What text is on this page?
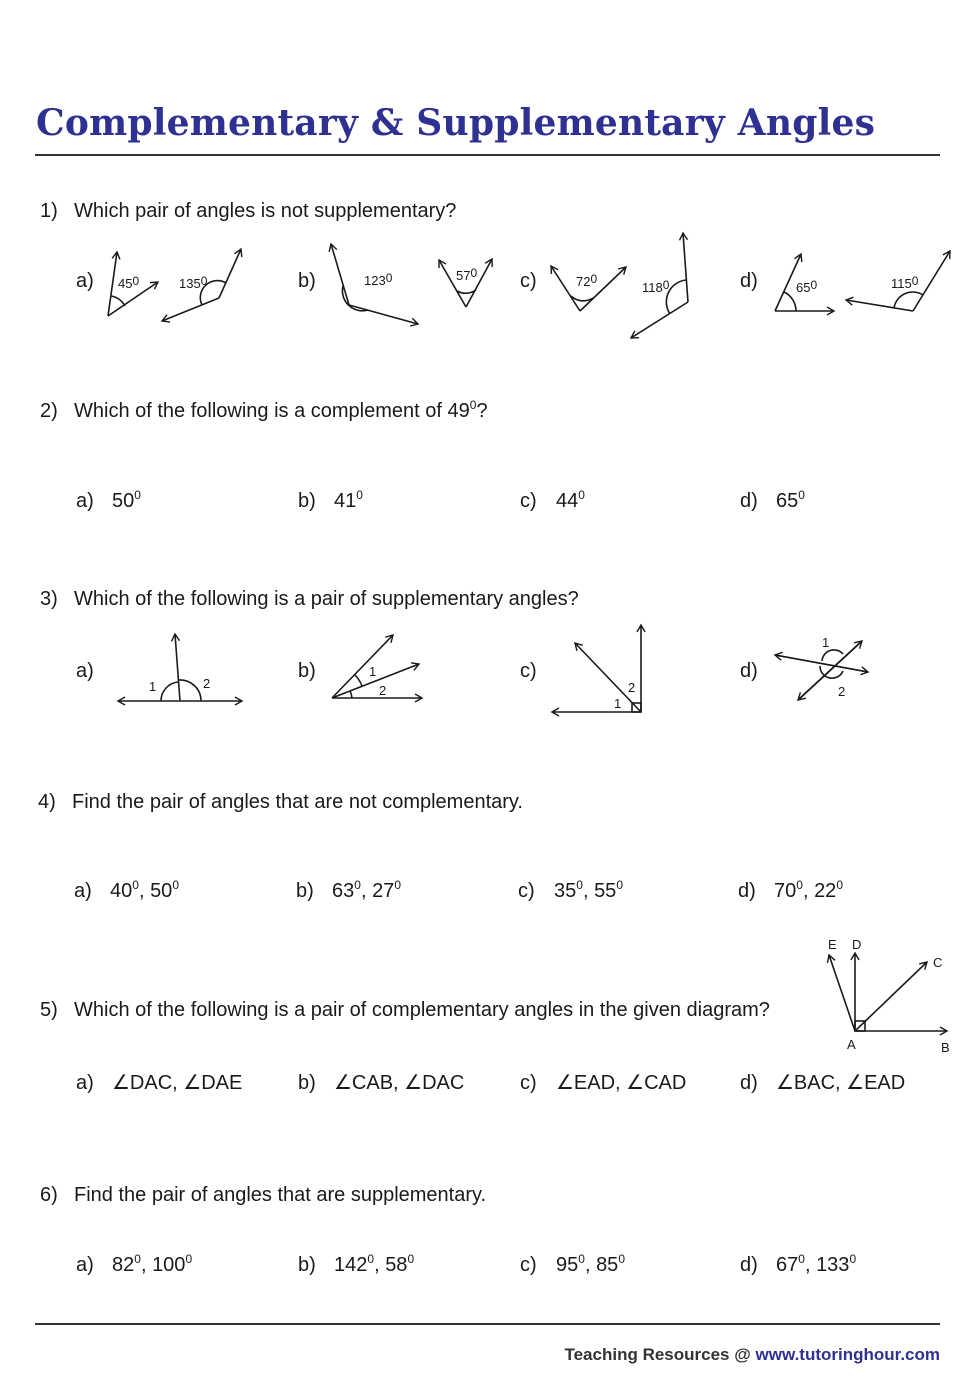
Complementary & Supplementary Angles
1) Which pair of angles is not supplementary?
a)	b)	c)	d)
$45^0$	$135^0$	$123^0$	$57^0$
$72^0$
$118^0$	$65^0$	$115^0$
2) Which of the following is a complement of $49^0$?
a) $50^0$	b) $41^0$	c) $44^0$	d) $65^0$
3) Which of the following is a pair of supplementary angles?
a)	b)	c)	d)
1	2
1
2
1
2
1
2
4) Find the pair of angles that are not complementary.
a) $40^0$, $50^0$	b) $63^0$, $27^0$	c) $35^0$, $55^0$	d) $70^0$, $22^0$
5) Which of the following is a pair of complementary angles in the given diagram?
E D
C
A	B
a) ∠DAC, ∠DAE	b) ∠CAB, ∠DAC	c) ∠EAD, ∠CAD	d) ∠BAC, ∠EAD
6) Find the pair of angles that are supplementary.
a) $82^0$, $100^0$	b) $142^0$, $58^0$	c) $95^0$, $85^0$	d) $67^0$, $133^0$
Teaching Resources @ www.tutoringhour.com
